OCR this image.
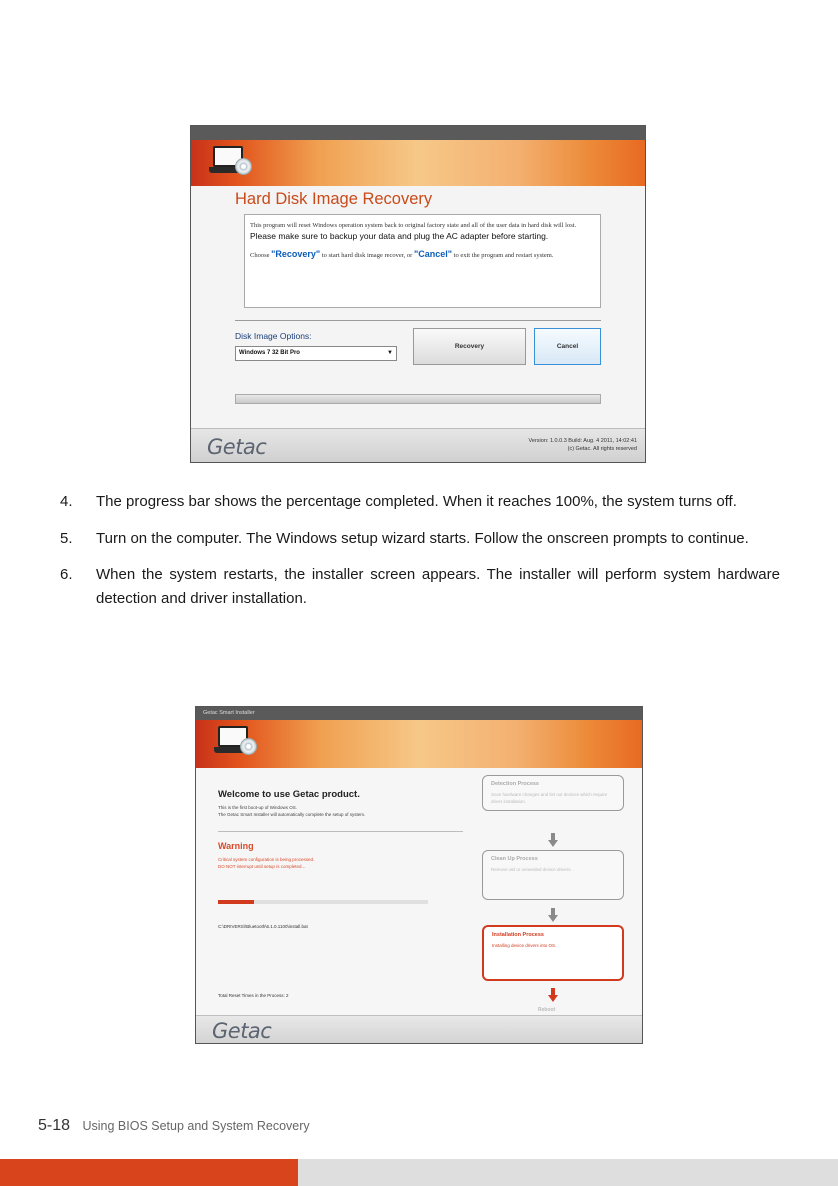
Hard Disk Image Recovery

This program will reset Windows operation system back to original factory state and all of the user data in hard disk will lost. Please make sure to backup your data and plug the AC adapter before starting.

Choose "Recovery" to start hard disk image recover, or "Cancel" to exit the program and restart system.

Disk Image Options:
Windows 7 32 Bit Pro	▼
Recovery	Cancel
Getac	Version: 1.0.0.3 Build: Aug. 4 2011, 14:02:41
(c) Getac. All rights reserved
4. The progress bar shows the percentage completed. When it reaches 100%, the system turns off.
5. Turn on the computer. The Windows setup wizard starts. Follow the onscreen prompts to continue.
6. When the system restarts, the installer screen appears. The installer will perform system hardware detection and driver installation.
Getac Smart Installer
Welcome to use Getac product.
This is the first boot-up of Windows OS.
The Getac Smart Installer will automatically complete the setup of system.
Warning
Critical system configuration is being processed.
DO NOT interrupt until setup is completed...
C:\DRIVERS\\Bluetooth\6.1.0.1100\install.bat
Total Reset Times in the Process: 2
Detection Process
Scan hardware changes and list out devices which require driver installation.
Clean Up Process
Remove old or unneeded device drivers.
Installation Process
Installing device drivers into OS.
Reboot
Getac
5-18 Using BIOS Setup and System Recovery
